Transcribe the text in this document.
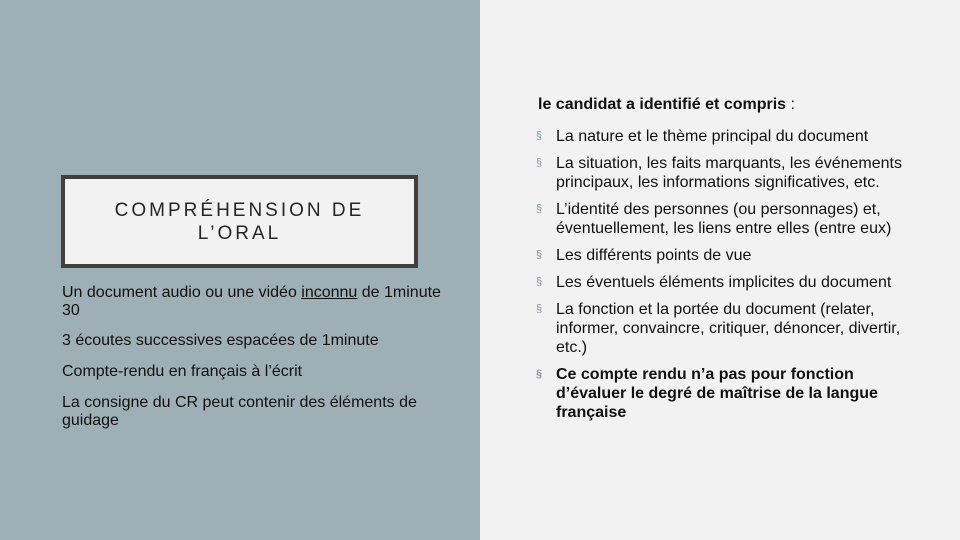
COMPRÉHENSION DE L’ORAL

Un document audio ou une vidéo inconnu de 1minute 30

3 écoutes successives espacées de 1minute

Compte-rendu en français à l’écrit

La consigne du CR peut contenir des éléments de guidage

le candidat a identifié et compris :
§ La nature et le thème principal du document
§ La situation, les faits marquants, les événements principaux, les informations significatives, etc.
§ L’identité des personnes (ou personnages) et, éventuellement, les liens entre elles (entre eux)
§ Les différents points de vue
§ Les éventuels éléments implicites du document
§ La fonction et la portée du document (relater, informer, convaincre, critiquer, dénoncer, divertir, etc.)
§ Ce compte rendu n’a pas pour fonction d’évaluer le degré de maîtrise de la langue française
